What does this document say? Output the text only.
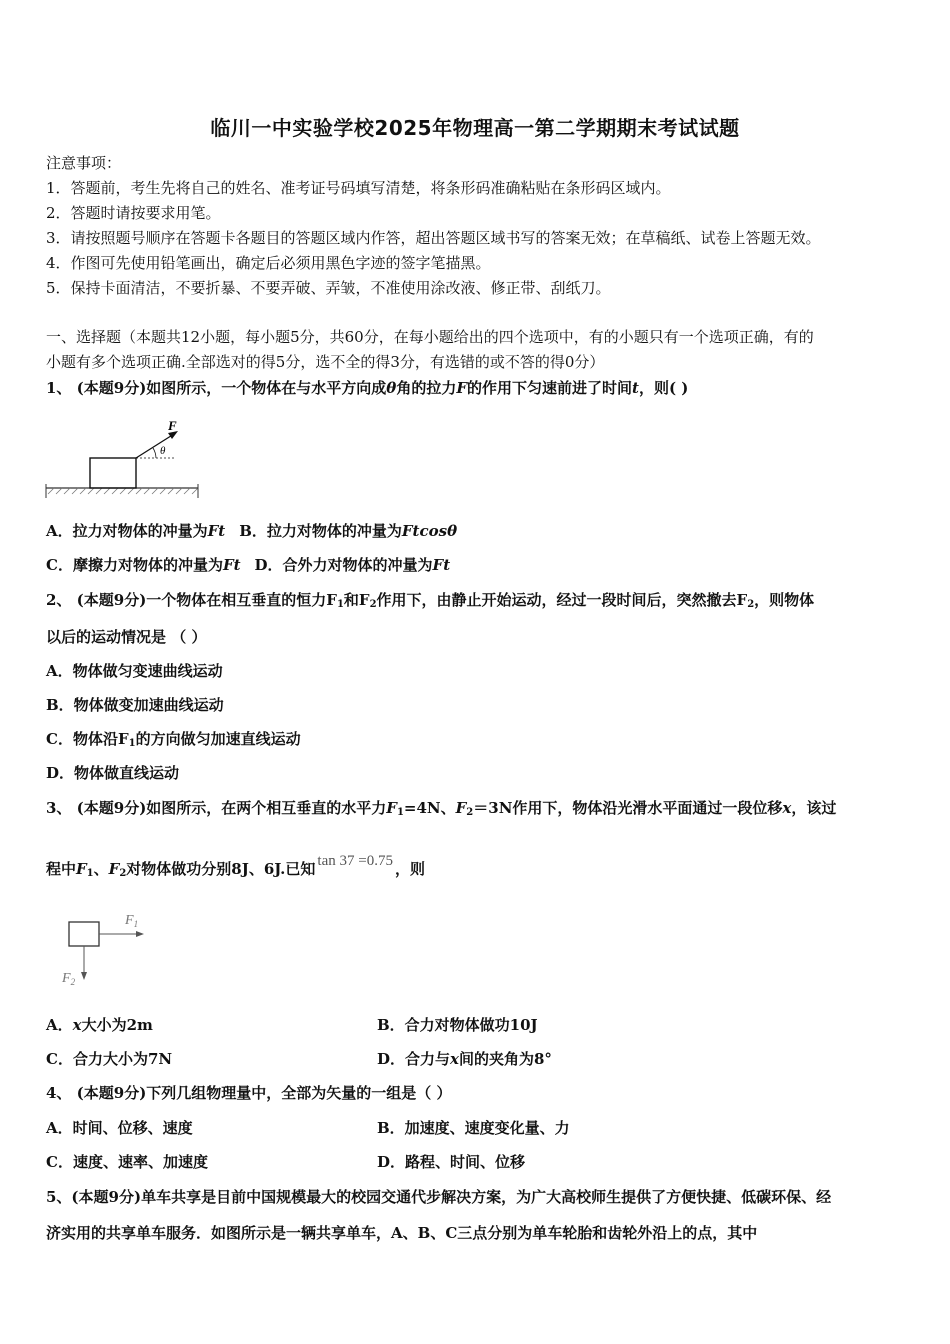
临川一中实验学校2025年物理高一第二学期期末考试试题
注意事项：
1．答题前，考生先将自己的姓名、准考证号码填写清楚，将条形码准确粘贴在条形码区域内。
2．答题时请按要求用笔。
3．请按照题号顺序在答题卡各题目的答题区域内作答，超出答题区域书写的答案无效；在草稿纸、试卷上答题无效。
4．作图可先使用铅笔画出，确定后必须用黑色字迹的签字笔描黑。
5．保持卡面清洁，不要折暴、不要弄破、弄皱，不准使用涂改液、修正带、刮纸刀。
一、选择题（本题共12小题，每小题5分，共60分，在每小题给出的四个选项中，有的小题只有一个选项正确，有的
小题有多个选项正确.全部选对的得5分，选不全的得3分，有选错的或不答的得0分）
1、 (本题9分)如图所示，一个物体在与水平方向成θ角的拉力F的作用下匀速前进了时间t，则( )
F
θ
A．拉力对物体的冲量为Ft B．拉力对物体的冲量为Ftcosθ
C．摩擦力对物体的冲量为Ft D．合外力对物体的冲量为Ft
2、 (本题9分)一个物体在相互垂直的恒力$F_1$和$F_2$作用下，由静止开始运动，经过一段时间后，突然撤去$F_2$，则物体
以后的运动情况是 （ ）
A．物体做匀变速曲线运动
B．物体做变加速曲线运动
C．物体沿$F_1$的方向做匀加速直线运动
D．物体做直线运动
3、 (本题9分)如图所示，在两个相互垂直的水平力$F_1=4N$、$F_2=3N$作用下，物体沿光滑水平面通过一段位移x，该过
程中$F_1$、$F_2$对物体做功分别8J、6J.已知 tan 37 =0.75 ，则
$F_1$
$F_2$
A．x大小为2m	B．合力对物体做功10J
C．合力大小为7N	D．合力与x间的夹角为8°
4、 (本题9分)下列几组物理量中，全部为矢量的一组是（ ）
A．时间、位移、速度	B．加速度、速度变化量、力
C．速度、速率、加速度	D．路程、时间、位移
5、(本题9分)单车共享是目前中国规模最大的校园交通代步解决方案，为广大高校师生提供了方便快捷、低碳环保、经
济实用的共享单车服务．如图所示是一辆共享单车，A、B、C三点分别为单车轮胎和齿轮外沿上的点，其中
